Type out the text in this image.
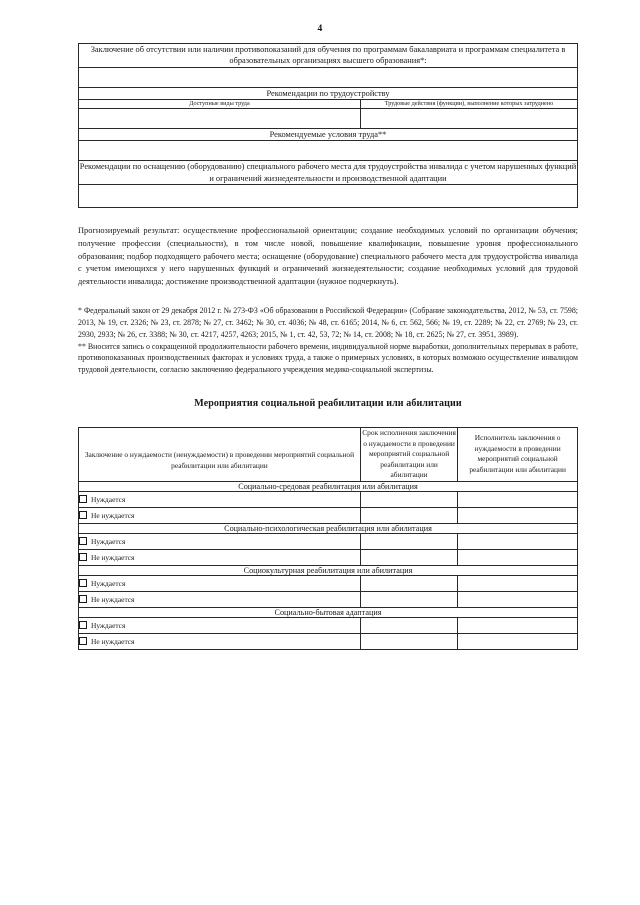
4
Заключение об отсутствии или наличии противопоказаний для обучения по программам бакалавриата и программам специалитета в образовательных организациях высшего образования*:	

Рекомендации по трудоустройству	
Доступные виды труда	Трудовые действия (функции), выполнение которых затруднено

Рекомендуемые условия труда**	

Рекомендации по оснащению (оборудованию) специального рабочего места для трудоустройства инвалида с учетом нарушенных функций и ограничений жизнедеятельности и производственной адаптации	

Прогнозируемый результат: осуществление профессиональной ориентации; создание необходимых условий по организации обучения; получение профессии (специальности), в том числе новой, повышение квалификации, повышение уровня профессионального образования; подбор подходящего рабочего места; оснащение (оборудование) специального рабочего места для трудоустройства инвалида с учетом имеющихся у него нарушенных функций и ограничений жизнедеятельности; создание необходимых условий для трудовой деятельности инвалида; достижение производственной адаптации (нужное подчеркнуть).

* Федеральный закон от 29 декабря 2012 г. № 273-ФЗ «Об образовании в Российской Федерации» (Собрание законодательства, 2012, № 53, ст. 7598; 2013, № 19, ст. 2326; № 23, ст. 2878; № 27, ст. 3462; № 30, ст. 4036; № 48, ст. 6165; 2014, № 6, ст. 562, 566; № 19, ст. 2289; № 22, ст. 2769; № 23, ст. 2930, 2933; № 26, ст. 3388; № 30, ст. 4217, 4257, 4263; 2015, № 1, ст. 42, 53, 72; № 14, ст. 2008; № 18, ст. 2625; № 27, ст. 3951, 3989).

** Вносится запись о сокращенной продолжительности рабочего времени, индивидуальной норме выработки, дополнительных перерывах в работе, противопоказанных производственных факторах и условиях труда, а также о примерных условиях, в которых возможно осуществление инвалидом трудовой деятельности, согласно заключению федерального учреждения медико-социальной экспертизы.

Мероприятия социальной реабилитации или абилитации
Заключение о нуждаемости (ненуждаемости) в проведении мероприятий социальной реабилитации или абилитации	Срок исполнения заключения о нуждаемости в проведении мероприятий социальной реабилитации или абилитации	Исполнитель заключения о нуждаемости в проведении мероприятий социальной реабилитации или абилитации
Социально-средовая реабилитация или абилитация		
Нуждается		
Не нуждается		
Социально-психологическая реабилитация или абилитация		
Нуждается		
Не нуждается		
Социокультурная реабилитация или абилитация		
Нуждается		
Не нуждается		
Социально-бытовая адаптация		
Нуждается		
Не нуждается		
